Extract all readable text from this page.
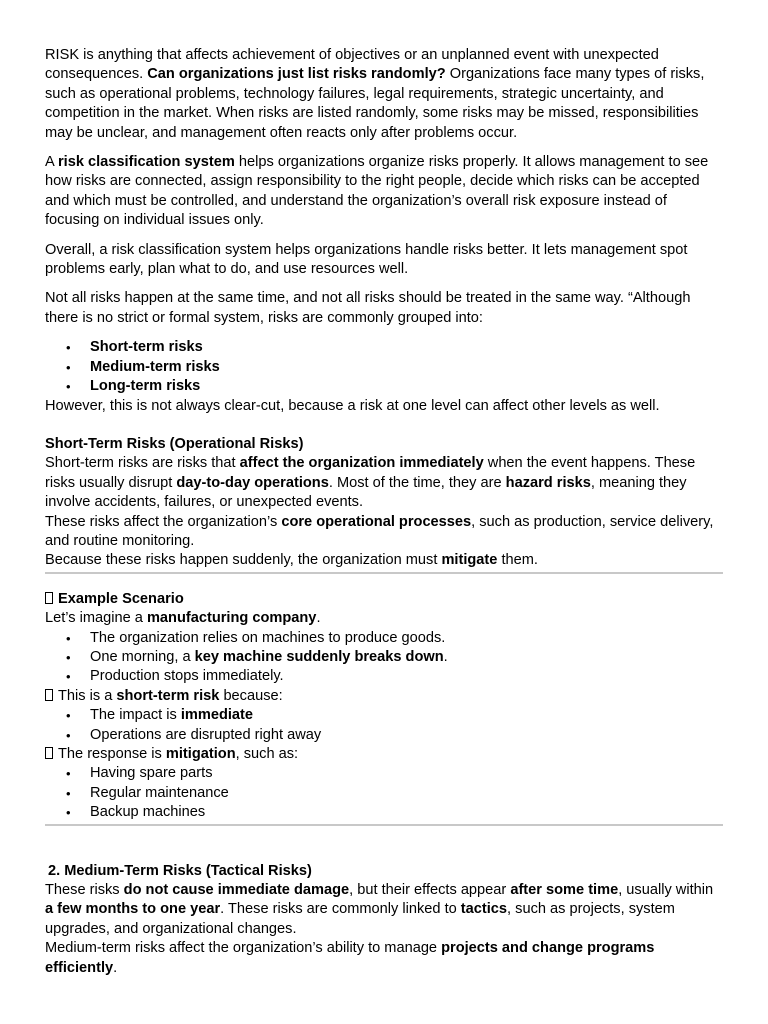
RISK is anything that affects achievement of objectives or an unplanned event with unexpected consequences. Can organizations just list risks randomly? Organizations face many types of risks, such as operational problems, technology failures, legal requirements, strategic uncertainty, and competition in the market. When risks are listed randomly, some risks may be missed, responsibilities may be unclear, and management often reacts only after problems occur.

A risk classification system helps organizations organize risks properly. It allows management to see how risks are connected, assign responsibility to the right people, decide which risks can be accepted and which must be controlled, and understand the organization’s overall risk exposure instead of focusing on individual issues only.

Overall, a risk classification system helps organizations handle risks better. It lets management spot problems early, plan what to do, and use resources well.

Not all risks happen at the same time, and not all risks should be treated in the same way. “Although there is no strict or formal system, risks are commonly grouped into:

• Short-term risks
• Medium-term risks
• Long-term risks

However, this is not always clear-cut, because a risk at one level can affect other levels as well.

Short-Term Risks (Operational Risks)

Short-term risks are risks that affect the organization immediately when the event happens. These risks usually disrupt day-to-day operations. Most of the time, they are hazard risks, meaning they involve accidents, failures, or unexpected events.

These risks affect the organization’s core operational processes, such as production, service delivery, and routine monitoring.

Because these risks happen suddenly, the organization must mitigate them.

Example Scenario

Let’s imagine a manufacturing company.

• The organization relies on machines to produce goods.
• One morning, a key machine suddenly breaks down.
• Production stops immediately.

This is a short-term risk because:

• The impact is immediate
• Operations are disrupted right away

The response is mitigation, such as:

• Having spare parts
• Regular maintenance
• Backup machines

2. Medium-Term Risks (Tactical Risks)

These risks do not cause immediate damage, but their effects appear after some time, usually within a few months to one year. These risks are commonly linked to tactics, such as projects, system upgrades, and organizational changes.

Medium-term risks affect the organization’s ability to manage projects and change programs efficiently.
